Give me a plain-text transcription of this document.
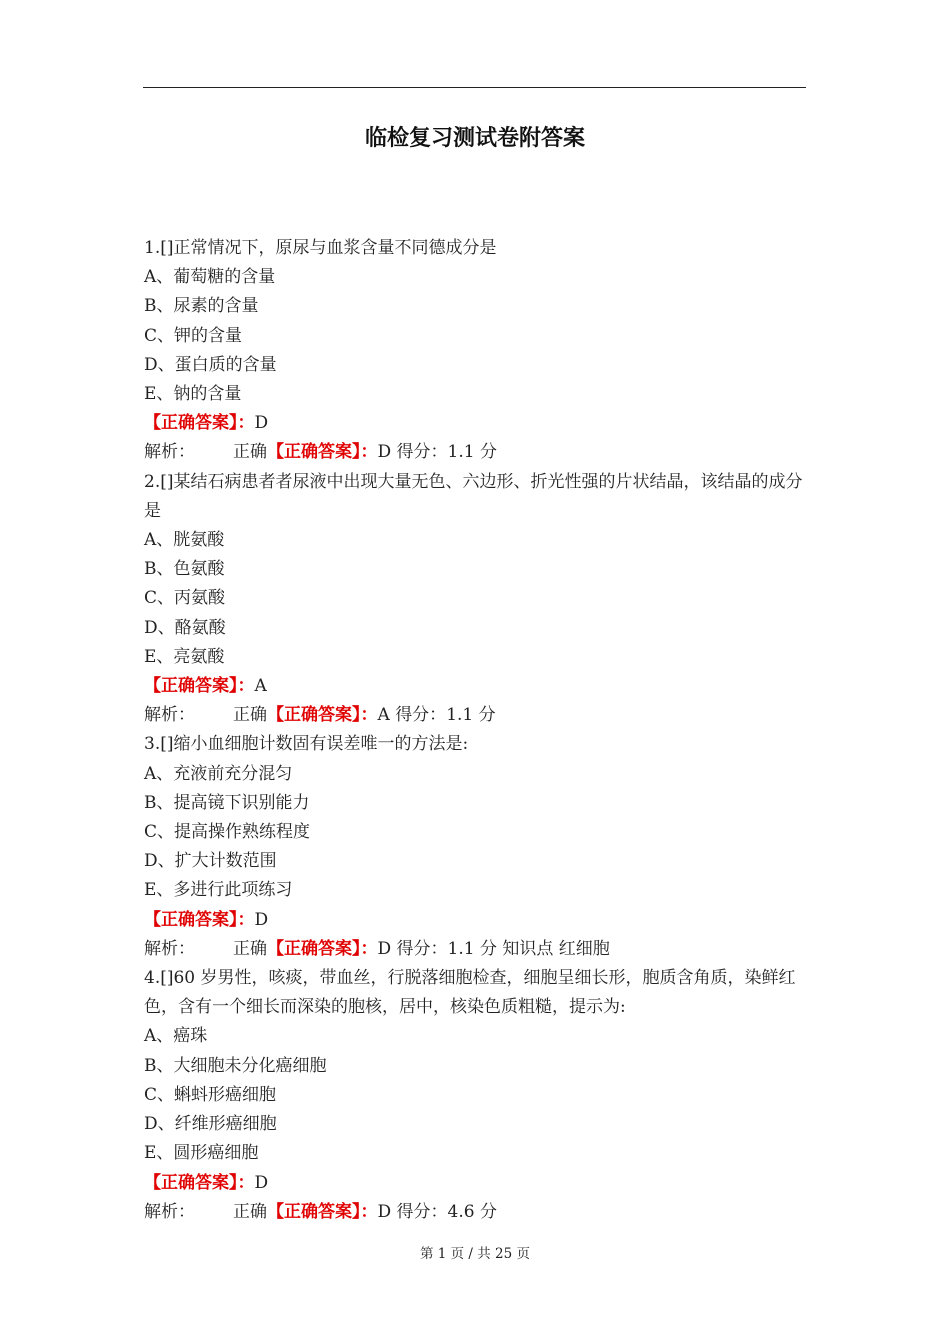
临检复习测试卷附答案
1.[]正常情况下，原尿与血浆含量不同德成分是
A、葡萄糖的含量
B、尿素的含量
C、钾的含量
D、蛋白质的含量
E、钠的含量
【正确答案】：D
解析： 正确【正确答案】：D 得分：1.1 分
2.[]某结石病患者者尿液中出现大量无色、六边形、折光性强的片状结晶，该结晶的成分是
A、胱氨酸
B、色氨酸
C、丙氨酸
D、酪氨酸
E、亮氨酸
【正确答案】：A
解析： 正确【正确答案】：A 得分：1.1 分
3.[]缩小血细胞计数固有误差唯一的方法是:
A、充液前充分混匀
B、提高镜下识别能力
C、提高操作熟练程度
D、扩大计数范围
E、多进行此项练习
【正确答案】：D
解析： 正确【正确答案】：D 得分：1.1 分 知识点 红细胞
4.[]60 岁男性，咳痰，带血丝，行脱落细胞检查，细胞呈细长形，胞质含角质，染鲜红色，含有一个细长而深染的胞核，居中，核染色质粗糙，提示为:
A、癌珠
B、大细胞未分化癌细胞
C、蝌蚪形癌细胞
D、纤维形癌细胞
E、圆形癌细胞
【正确答案】：D
解析： 正确【正确答案】：D 得分：4.6 分
第 1 页 / 共 25 页
